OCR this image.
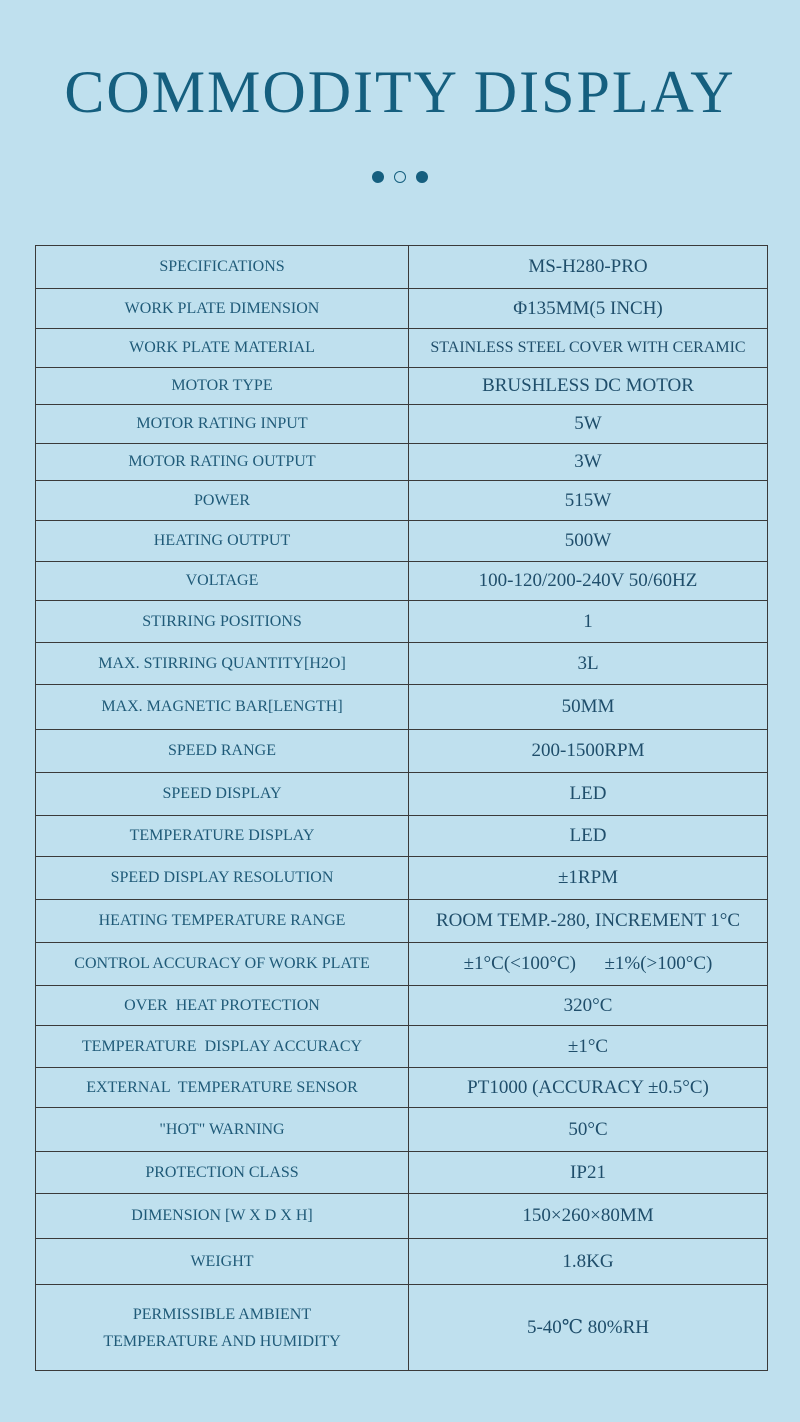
COMMODITY DISPLAY
SPECIFICATIONS	MS-H280-PRO
WORK PLATE DIMENSION	Φ135MM(5 INCH)
WORK PLATE MATERIAL	STAINLESS STEEL COVER WITH CERAMIC
MOTOR TYPE	BRUSHLESS DC MOTOR
MOTOR RATING INPUT	5W
MOTOR RATING OUTPUT	3W
POWER	515W
HEATING OUTPUT	500W
VOLTAGE	100-120/200-240V 50/60HZ
STIRRING POSITIONS	1
MAX. STIRRING QUANTITY[H2O]	3L
MAX. MAGNETIC BAR[LENGTH]	50MM
SPEED RANGE	200-1500RPM
SPEED DISPLAY	LED
TEMPERATURE DISPLAY	LED
SPEED DISPLAY RESOLUTION	±1RPM
HEATING TEMPERATURE RANGE	ROOM TEMP.-280, INCREMENT 1°C
CONTROL ACCURACY OF WORK PLATE	±1°C(<100°C)      ±1%(>100°C)
OVER  HEAT PROTECTION	320°C
TEMPERATURE  DISPLAY ACCURACY	±1°C
EXTERNAL  TEMPERATURE SENSOR	PT1000 (ACCURACY ±0.5°C)
"HOT" WARNING	50°C
PROTECTION CLASS	IP21
DIMENSION [W X D X H]	150×260×80MM
WEIGHT	1.8KG

PERMISSIBLE AMBIENT
TEMPERATURE AND HUMIDITY	5-40℃ 80%RH
